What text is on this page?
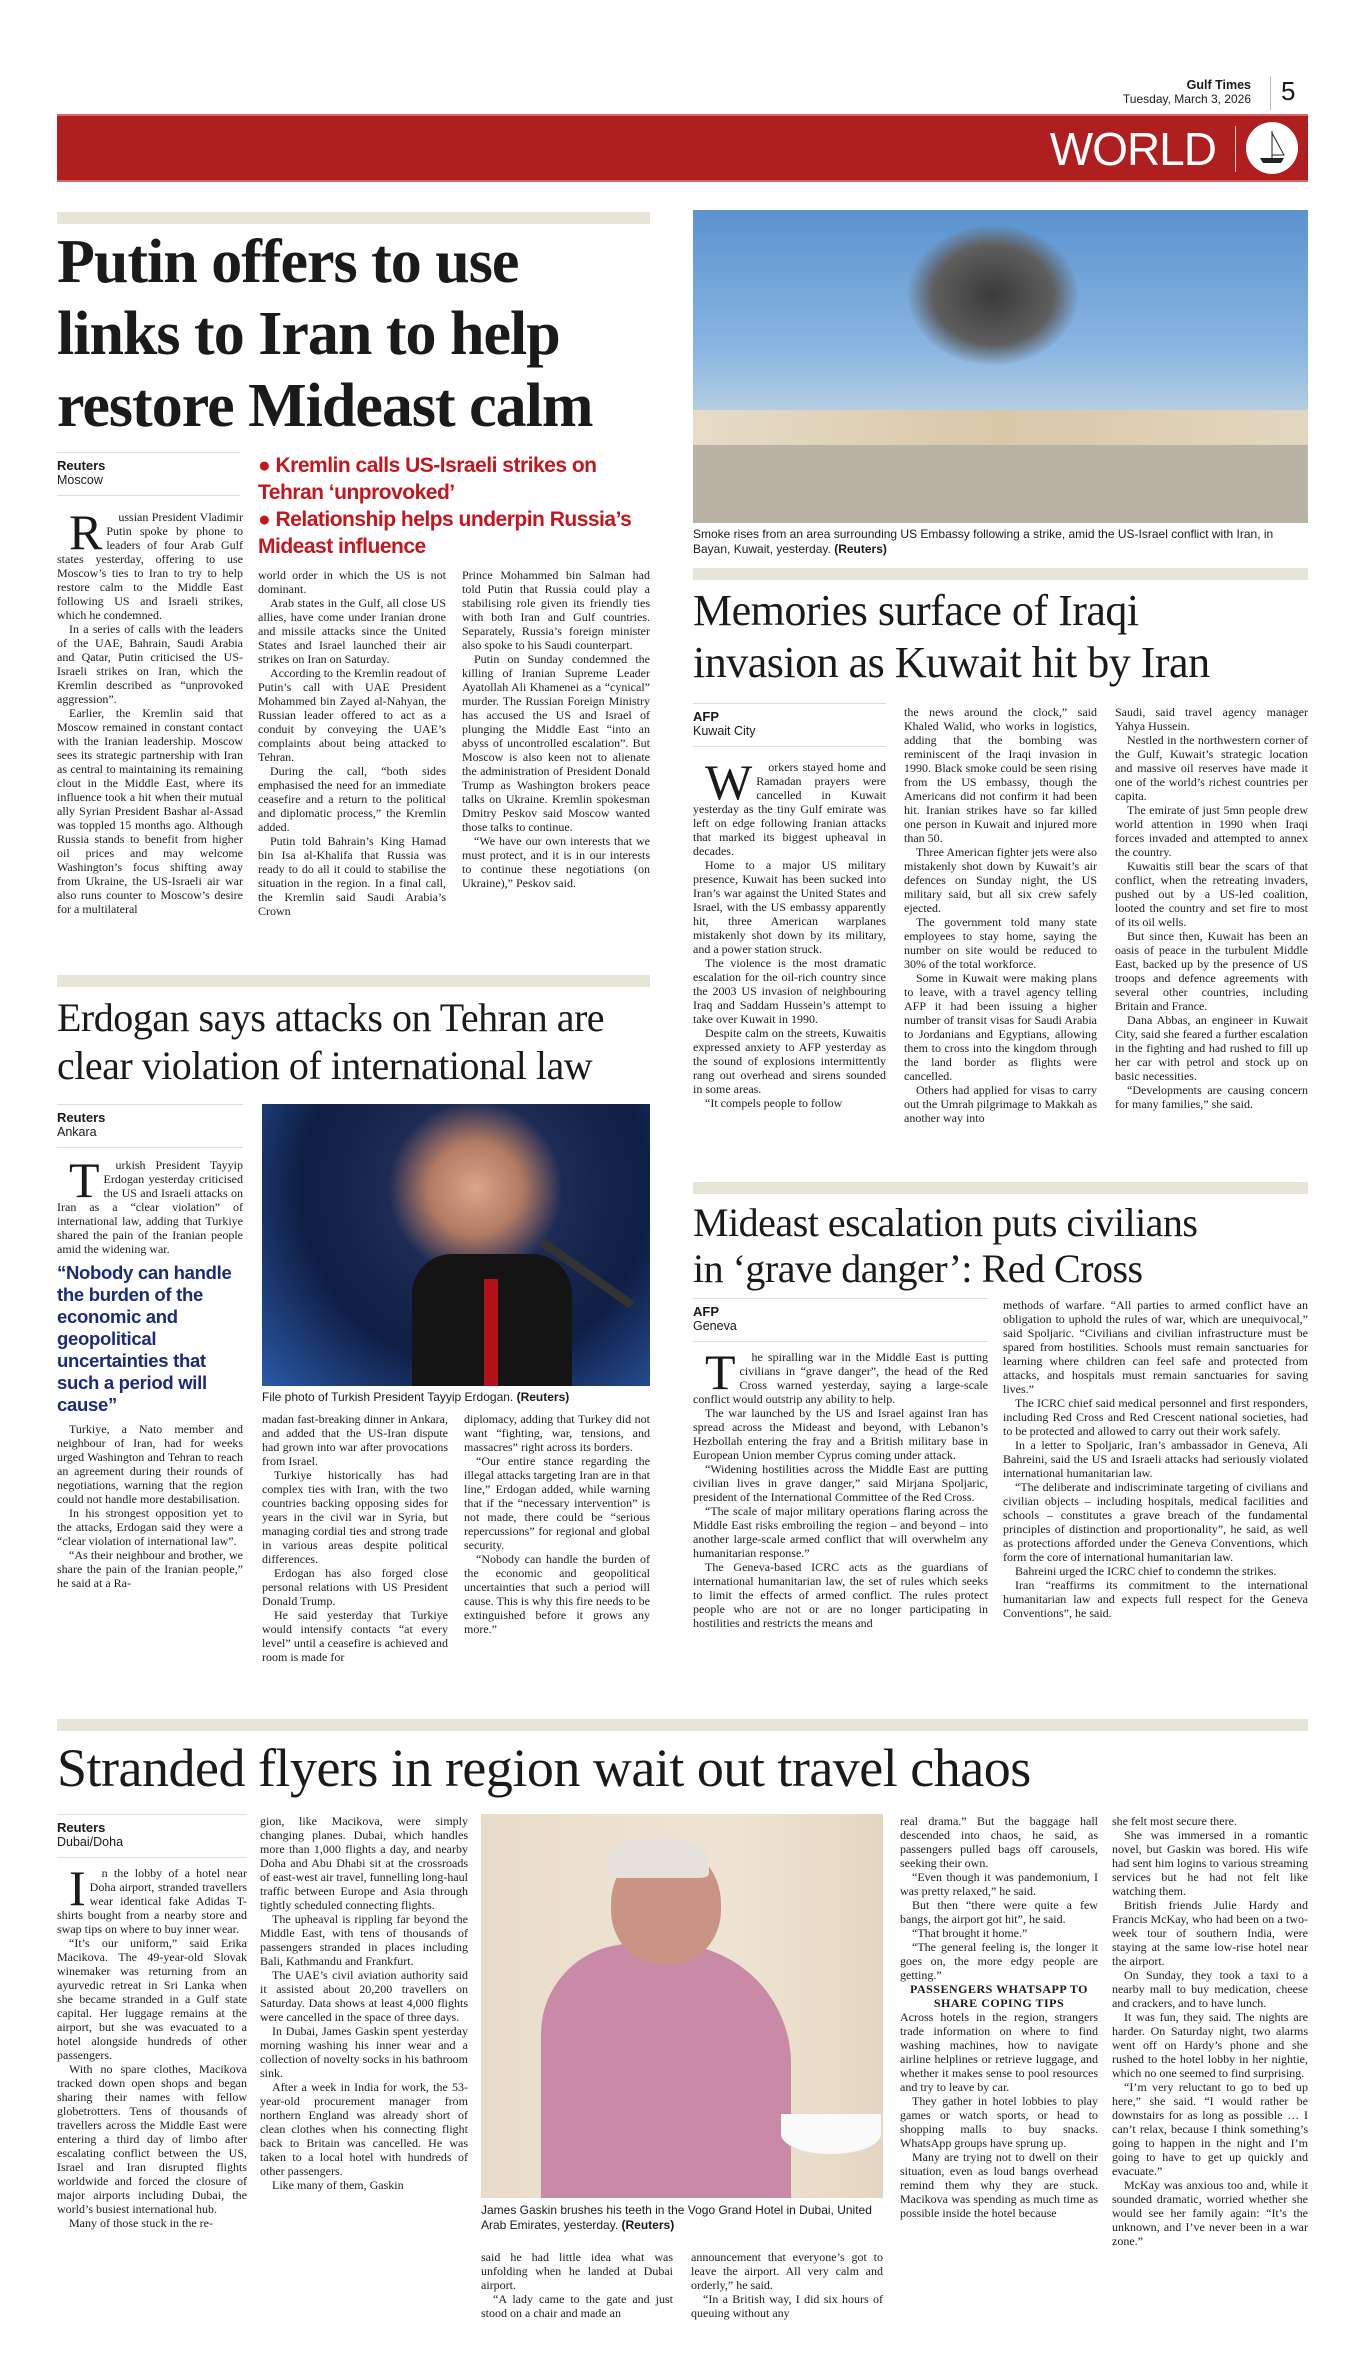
Gulf Times
Tuesday, March 3, 2026	5
WORLD
Putin offers to use
links to Iran to help
restore Mideast calm
Reuters
Moscow

Russian President Vladimir Putin spoke by phone to leaders of four Arab Gulf states yesterday, offering to use Moscow’s ties to Iran to try to help restore calm to the Middle East following US and Israeli strikes, which he condemned.

In a series of calls with the leaders of the UAE, Bahrain, Saudi Arabia and Qatar, Putin criticised the US-Israeli strikes on Iran, which the Kremlin described as “unprovoked aggression”.

Earlier, the Kremlin said that Moscow remained in constant contact with the Iranian leadership. Moscow sees its strategic partnership with Iran as central to maintaining its remaining clout in the Middle East, where its influence took a hit when their mutual ally Syrian President Bashar al-Assad was toppled 15 months ago. Although Russia stands to benefit from higher oil prices and may welcome Washington’s focus shifting away from Ukraine, the US-Israeli air war also runs counter to Moscow’s desire for a multilateral

● Kremlin calls US-Israeli strikes on Tehran ‘unprovoked’
● Relationship helps underpin Russia’s Mideast influence

world order in which the US is not dominant.

Arab states in the Gulf, all close US allies, have come under Iranian drone and missile attacks since the United States and Israel launched their air strikes on Iran on Saturday.

According to the Kremlin readout of Putin’s call with UAE President Mohammed bin Zayed al-Nahyan, the Russian leader offered to act as a conduit by conveying the UAE’s complaints about being attacked to Tehran.

During the call, “both sides emphasised the need for an immediate ceasefire and a return to the political and diplomatic process,” the Kremlin added.

Putin told Bahrain’s King Hamad bin Isa al-Khalifa that Russia was ready to do all it could to stabilise the situation in the region. In a final call, the Kremlin said Saudi Arabia’s Crown

Prince Mohammed bin Salman had told Putin that Russia could play a stabilising role given its friendly ties with both Iran and Gulf countries. Separately, Russia’s foreign minister also spoke to his Saudi counterpart.

Putin on Sunday condemned the killing of Iranian Supreme Leader Ayatollah Ali Khamenei as a “cynical” murder. The Russian Foreign Ministry has accused the US and Israel of plunging the Middle East “into an abyss of uncontrolled escalation”. But Moscow is also keen not to alienate the administration of President Donald Trump as Washington brokers peace talks on Ukraine. Kremlin spokesman Dmitry Peskov said Moscow wanted those talks to continue.

“We have our own interests that we must protect, and it is in our interests to continue these negotiations (on Ukraine),” Peskov said.

Smoke rises from an area surrounding US Embassy following a strike, amid the US-Israel conflict with Iran, in Bayan, Kuwait, yesterday. (Reuters)
Memories surface of Iraqi
invasion as Kuwait hit by Iran
AFP
Kuwait City

Workers stayed home and Ramadan prayers were cancelled in Kuwait yesterday as the tiny Gulf emirate was left on edge following Iranian attacks that marked its biggest upheaval in decades.

Home to a major US military presence, Kuwait has been sucked into Iran’s war against the United States and Israel, with the US embassy apparently hit, three American warplanes mistakenly shot down by its military, and a power station struck.

The violence is the most dramatic escalation for the oil-rich country since the 2003 US invasion of neighbouring Iraq and Saddam Hussein’s attempt to take over Kuwait in 1990.

Despite calm on the streets, Kuwaitis expressed anxiety to AFP yesterday as the sound of explosions intermittently rang out overhead and sirens sounded in some areas.

“It compels people to follow

the news around the clock,” said Khaled Walid, who works in logistics, adding that the bombing was reminiscent of the Iraqi invasion in 1990. Black smoke could be seen rising from the US embassy, though the Americans did not confirm it had been hit. Iranian strikes have so far killed one person in Kuwait and injured more than 50.

Three American fighter jets were also mistakenly shot down by Kuwait’s air defences on Sunday night, the US military said, but all six crew safely ejected.

The government told many state employees to stay home, saying the number on site would be reduced to 30% of the total workforce.

Some in Kuwait were making plans to leave, with a travel agency telling AFP it had been issuing a higher number of transit visas for Saudi Arabia to Jordanians and Egyptians, allowing them to cross into the kingdom through the land border as flights were cancelled.

Others had applied for visas to carry out the Umrah pilgrimage to Makkah as another way into

Saudi, said travel agency manager Yahya Hussein.

Nestled in the northwestern corner of the Gulf, Kuwait’s strategic location and massive oil reserves have made it one of the world’s richest countries per capita.

The emirate of just 5mn people drew world attention in 1990 when Iraqi forces invaded and attempted to annex the country.

Kuwaitis still bear the scars of that conflict, when the retreating invaders, pushed out by a US-led coalition, looted the country and set fire to most of its oil wells.

But since then, Kuwait has been an oasis of peace in the turbulent Middle East, backed up by the presence of US troops and defence agreements with several other countries, including Britain and France.

Dana Abbas, an engineer in Kuwait City, said she feared a further escalation in the fighting and had rushed to fill up her car with petrol and stock up on basic necessities.

“Developments are causing concern for many families,” she said.

Erdogan says attacks on Tehran are
clear violation of international law
Reuters
Ankara

Turkish President Tayyip Erdogan yesterday criticised the US and Israeli attacks on Iran as a “clear violation” of international law, adding that Turkiye shared the pain of the Iranian people amid the widening war.

“Nobody can handle the burden of the economic and geopolitical uncertainties that such a period will cause”

Turkiye, a Nato member and neighbour of Iran, had for weeks urged Washington and Tehran to reach an agreement during their rounds of negotiations, warning that the region could not handle more destabilisation.

In his strongest opposition yet to the attacks, Erdogan said they were a “clear violation of international law”.

“As their neighbour and brother, we share the pain of the Iranian people,” he said at a Ra-

File photo of Turkish President Tayyip Erdogan. (Reuters)

madan fast-breaking dinner in Ankara, and added that the US-Iran dispute had grown into war after provocations from Israel.

Turkiye historically has had complex ties with Iran, with the two countries backing opposing sides for years in the civil war in Syria, but managing cordial ties and strong trade in various areas despite political differences.

Erdogan has also forged close personal relations with US President Donald Trump.

He said yesterday that Turkiye would intensify contacts “at every level” until a ceasefire is achieved and room is made for

diplomacy, adding that Turkey did not want “fighting, war, tensions, and massacres” right across its borders.

“Our entire stance regarding the illegal attacks targeting Iran are in that line,” Erdogan added, while warning that if the “necessary intervention” is not made, there could be “serious repercussions” for regional and global security.

“Nobody can handle the burden of the economic and geopolitical uncertainties that such a period will cause. This is why this fire needs to be extinguished before it grows any more.”

Mideast escalation puts civilians
in ‘grave danger’: Red Cross
AFP
Geneva

The spiralling war in the Middle East is putting civilians in “grave danger”, the head of the Red Cross warned yesterday, saying a large-scale conflict would outstrip any ability to help.

The war launched by the US and Israel against Iran has spread across the Mideast and beyond, with Lebanon’s Hezbollah entering the fray and a British military base in European Union member Cyprus coming under attack.

“Widening hostilities across the Middle East are putting civilian lives in grave danger,” said Mirjana Spoljaric, president of the International Committee of the Red Cross.

“The scale of major military operations flaring across the Middle East risks embroiling the region – and beyond – into another large-scale armed conflict that will overwhelm any humanitarian response.”

The Geneva-based ICRC acts as the guardians of international humanitarian law, the set of rules which seeks to limit the effects of armed conflict. The rules protect people who are not or are no longer participating in hostilities and restricts the means and

methods of warfare. “All parties to armed conflict have an obligation to uphold the rules of war, which are unequivocal,” said Spoljaric. “Civilians and civilian infrastructure must be spared from hostilities. Schools must remain sanctuaries for learning where children can feel safe and protected from attacks, and hospitals must remain sanctuaries for saving lives.”

The ICRC chief said medical personnel and first responders, including Red Cross and Red Crescent national societies, had to be protected and allowed to carry out their work safely.

In a letter to Spoljaric, Iran’s ambassador in Geneva, Ali Bahreini, said the US and Israeli attacks had seriously violated international humanitarian law.

“The deliberate and indiscriminate targeting of civilians and civilian objects – including hospitals, medical facilities and schools – constitutes a grave breach of the fundamental principles of distinction and proportionality”, he said, as well as protections afforded under the Geneva Conventions, which form the core of international humanitarian law.

Bahreini urged the ICRC chief to condemn the strikes.

Iran “reaffirms its commitment to the international humanitarian law and expects full respect for the Geneva Conventions”, he said.

Stranded flyers in region wait out travel chaos
Reuters
Dubai/Doha

In the lobby of a hotel near Doha airport, stranded travellers wear identical fake Adidas T-shirts bought from a nearby store and swap tips on where to buy inner wear.

“It’s our uniform,” said Erika Macikova. The 49-year-old Slovak winemaker was returning from an ayurvedic retreat in Sri Lanka when she became stranded in a Gulf state capital. Her luggage remains at the airport, but she was evacuated to a hotel alongside hundreds of other passengers.

With no spare clothes, Macikova tracked down open shops and began sharing their names with fellow globetrotters. Tens of thousands of travellers across the Middle East were entering a third day of limbo after escalating conflict between the US, Israel and Iran disrupted flights worldwide and forced the closure of major airports including Dubai, the world’s busiest international hub.

Many of those stuck in the re-

gion, like Macikova, were simply changing planes. Dubai, which handles more than 1,000 flights a day, and nearby Doha and Abu Dhabi sit at the crossroads of east-west air travel, funnelling long-haul traffic between Europe and Asia through tightly scheduled connecting flights.

The upheaval is rippling far beyond the Middle East, with tens of thousands of passengers stranded in places including Bali, Kathmandu and Frankfurt.

The UAE’s civil aviation authority said it assisted about 20,200 travellers on Saturday. Data shows at least 4,000 flights were cancelled in the space of three days.

In Dubai, James Gaskin spent yesterday morning washing his inner wear and a collection of novelty socks in his bathroom sink.

After a week in India for work, the 53-year-old procurement manager from northern England was already short of clean clothes when his connecting flight back to Britain was cancelled. He was taken to a local hotel with hundreds of other passengers.

Like many of them, Gaskin

James Gaskin brushes his teeth in the Vogo Grand Hotel in Dubai, United Arab Emirates, yesterday. (Reuters)

said he had little idea what was unfolding when he landed at Dubai airport.

“A lady came to the gate and just stood on a chair and made an

announcement that everyone’s got to leave the airport. All very calm and orderly,” he said.

“In a British way, I did six hours of queuing without any

real drama.” But the baggage hall descended into chaos, he said, as passengers pulled bags off carousels, seeking their own.

“Even though it was pandemonium, I was pretty relaxed,” he said.

But then “there were quite a few bangs, the airport got hit”, he said.

“That brought it home.”

“The general feeling is, the longer it goes on, the more edgy people are getting.”

PASSENGERS WHATSAPP TO SHARE COPING TIPS

Across hotels in the region, strangers trade information on where to find washing machines, how to navigate airline helplines or retrieve luggage, and whether it makes sense to pool resources and try to leave by car.

They gather in hotel lobbies to play games or watch sports, or head to shopping malls to buy snacks. WhatsApp groups have sprung up.

Many are trying not to dwell on their situation, even as loud bangs overhead remind them why they are stuck. Macikova was spending as much time as possible inside the hotel because

she felt most secure there.

She was immersed in a romantic novel, but Gaskin was bored. His wife had sent him logins to various streaming services but he had not felt like watching them.

British friends Julie Hardy and Francis McKay, who had been on a two-week tour of southern India, were staying at the same low-rise hotel near the airport.

On Sunday, they took a taxi to a nearby mall to buy medication, cheese and crackers, and to have lunch.

It was fun, they said. The nights are harder. On Saturday night, two alarms went off on Hardy’s phone and she rushed to the hotel lobby in her nightie, which no one seemed to find surprising.

“I’m very reluctant to go to bed up here,” she said. “I would rather be downstairs for as long as possible … I can’t relax, because I think something’s going to happen in the night and I’m going to have to get up quickly and evacuate.”

McKay was anxious too and, while it sounded dramatic, worried whether she would see her family again: “It’s the unknown, and I’ve never been in a war zone.”
